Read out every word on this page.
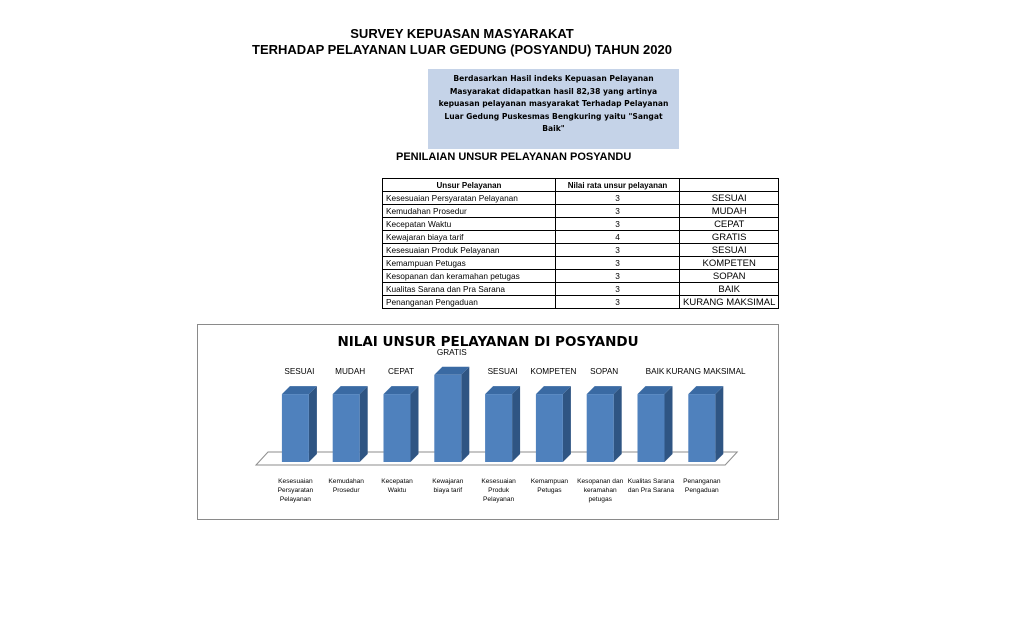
SURVEY KEPUASAN MASYARAKAT
TERHADAP PELAYANAN LUAR GEDUNG (POSYANDU) TAHUN 2020
Berdasarkan Hasil indeks Kepuasan Pelayanan
Masyarakat didapatkan hasil 82,38 yang artinya
kepuasan pelayanan masyarakat Terhadap Pelayanan
Luar Gedung Puskesmas Bengkuring yaitu "Sangat Baik"
PENILAIAN UNSUR PELAYANAN POSYANDU
Unsur Pelayanan	Nilai rata unsur pelayanan	
Kesesuaian Persyaratan Pelayanan	3	SESUAI
Kemudahan Prosedur	3	MUDAH
Kecepatan Waktu	3	CEPAT
Kewajaran biaya tarif	4	GRATIS
Kesesuaian Produk Pelayanan	3	SESUAI
Kemampuan Petugas	3	KOMPETEN
Kesopanan dan keramahan petugas	3	SOPAN
Kualitas Sarana dan Pra Sarana	3	BAIK
Penanganan Pengaduan	3	KURANG MAKSIMAL
NILAI UNSUR PELAYANAN DI POSYANDU
SESUAI
Kesesuaian
Persyaratan
Pelayanan
MUDAH
Kemudahan
Prosedur
CEPAT
Kecepatan
Waktu
GRATIS
Kewajaran
biaya tarif
SESUAI
Kesesuaian
Produk
Pelayanan
KOMPETEN
Kemampuan
Petugas
SOPAN
Kesopanan dan
keramahan
petugas
BAIK
Kualitas Sarana
dan Pra Sarana
KURANG MAKSIMAL
Penanganan
Pengaduan
